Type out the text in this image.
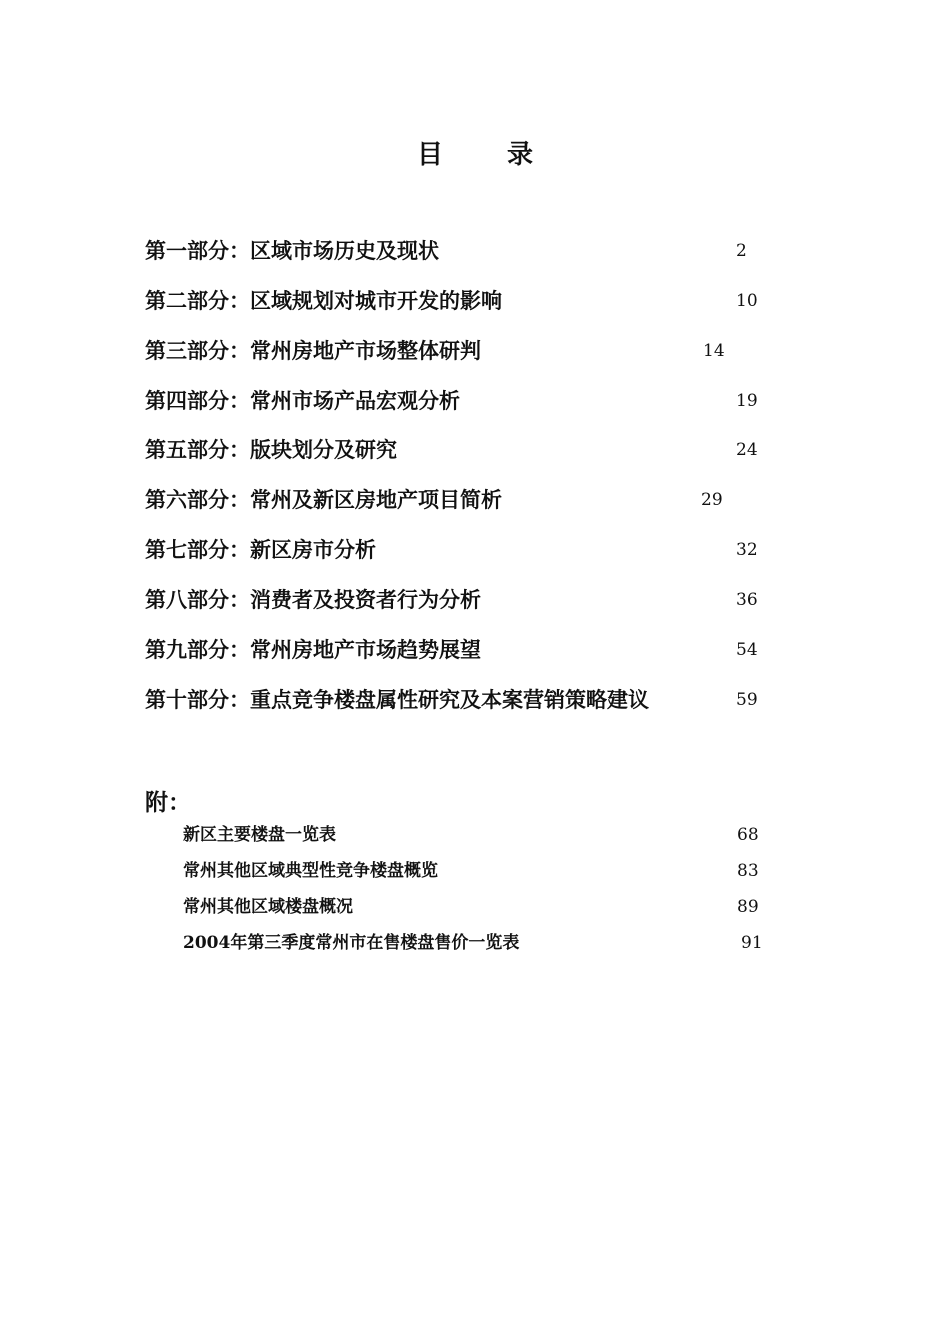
目 录
第一部分：区域市场历史及现状	2
第二部分：区域规划对城市开发的影响	10
第三部分：常州房地产市场整体研判	14
第四部分：常州市场产品宏观分析	19
第五部分：版块划分及研究	24
第六部分：常州及新区房地产项目简析	29
第七部分：新区房市分析	32
第八部分：消费者及投资者行为分析	36
第九部分：常州房地产市场趋势展望	54
第十部分：重点竞争楼盘属性研究及本案营销策略建议	59
附：
新区主要楼盘一览表	68
常州其他区域典型性竞争楼盘概览	83
常州其他区域楼盘概况	89
2004年第三季度常州市在售楼盘售价一览表	91
